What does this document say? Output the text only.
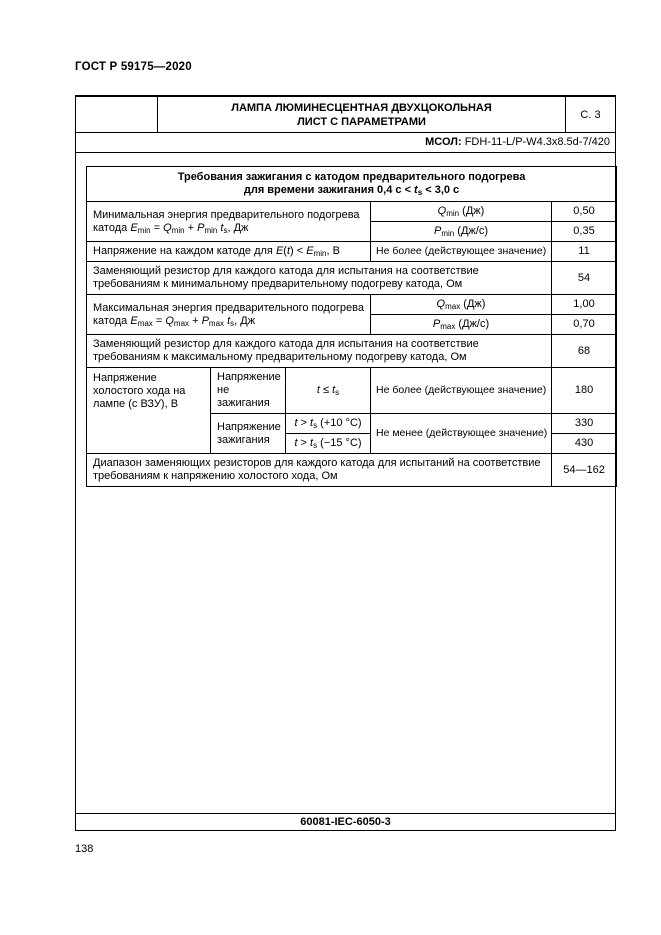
ГОСТ Р 59175—2020
ЛАМПА ЛЮМИНЕСЦЕНТНАЯ ДВУХЦОКОЛЬНАЯ
ЛИСТ С ПАРАМЕТРАМИ
С. 3
МСОЛ: FDH-11-L/P-W4.3x8.5d-7/420
Требования зажигания с катодом предварительного подогрева
для времени зажигания 0,4 с < ts < 3,0 с				

Минимальная энергия предварительного подогрева катода Emin = Qmin + Pmin ts, Дж			Qmin (Дж)	0,50
			Pmin (Дж/с)	0,35
Напряжение на каждом катоде для E(t) < Emin, В			Не более (действующее значение)	11
Заменяющий резистор для каждого катода для испытания на соответствие требованиям к минимальному предварительному подогреву катода, Ом				54
Максимальная энергия предварительного подогрева катода Emax = Qmax + Pmax ts, Дж			Qmax (Дж)	1,00
			Pmax (Дж/с)	0,70
Заменяющий резистор для каждого катода для испытания на соответствие требованиям к максимальному предварительному подогреву катода, Ом				68
Напряжение холостого хода на лампе (с ВЗУ), В	Напряжение не зажигания	t ≤ ts	Не более (действующее значение)	180
	Напряжение зажигания	t > ts (+10 °С)	Не менее (действующее значение)	330
		t > ts (−15 °С)		430
Диапазон заменяющих резисторов для каждого катода для испытаний на соответствие требованиям к напряжению холостого хода, Ом				54—162
60081-IEC-6050-3
138
